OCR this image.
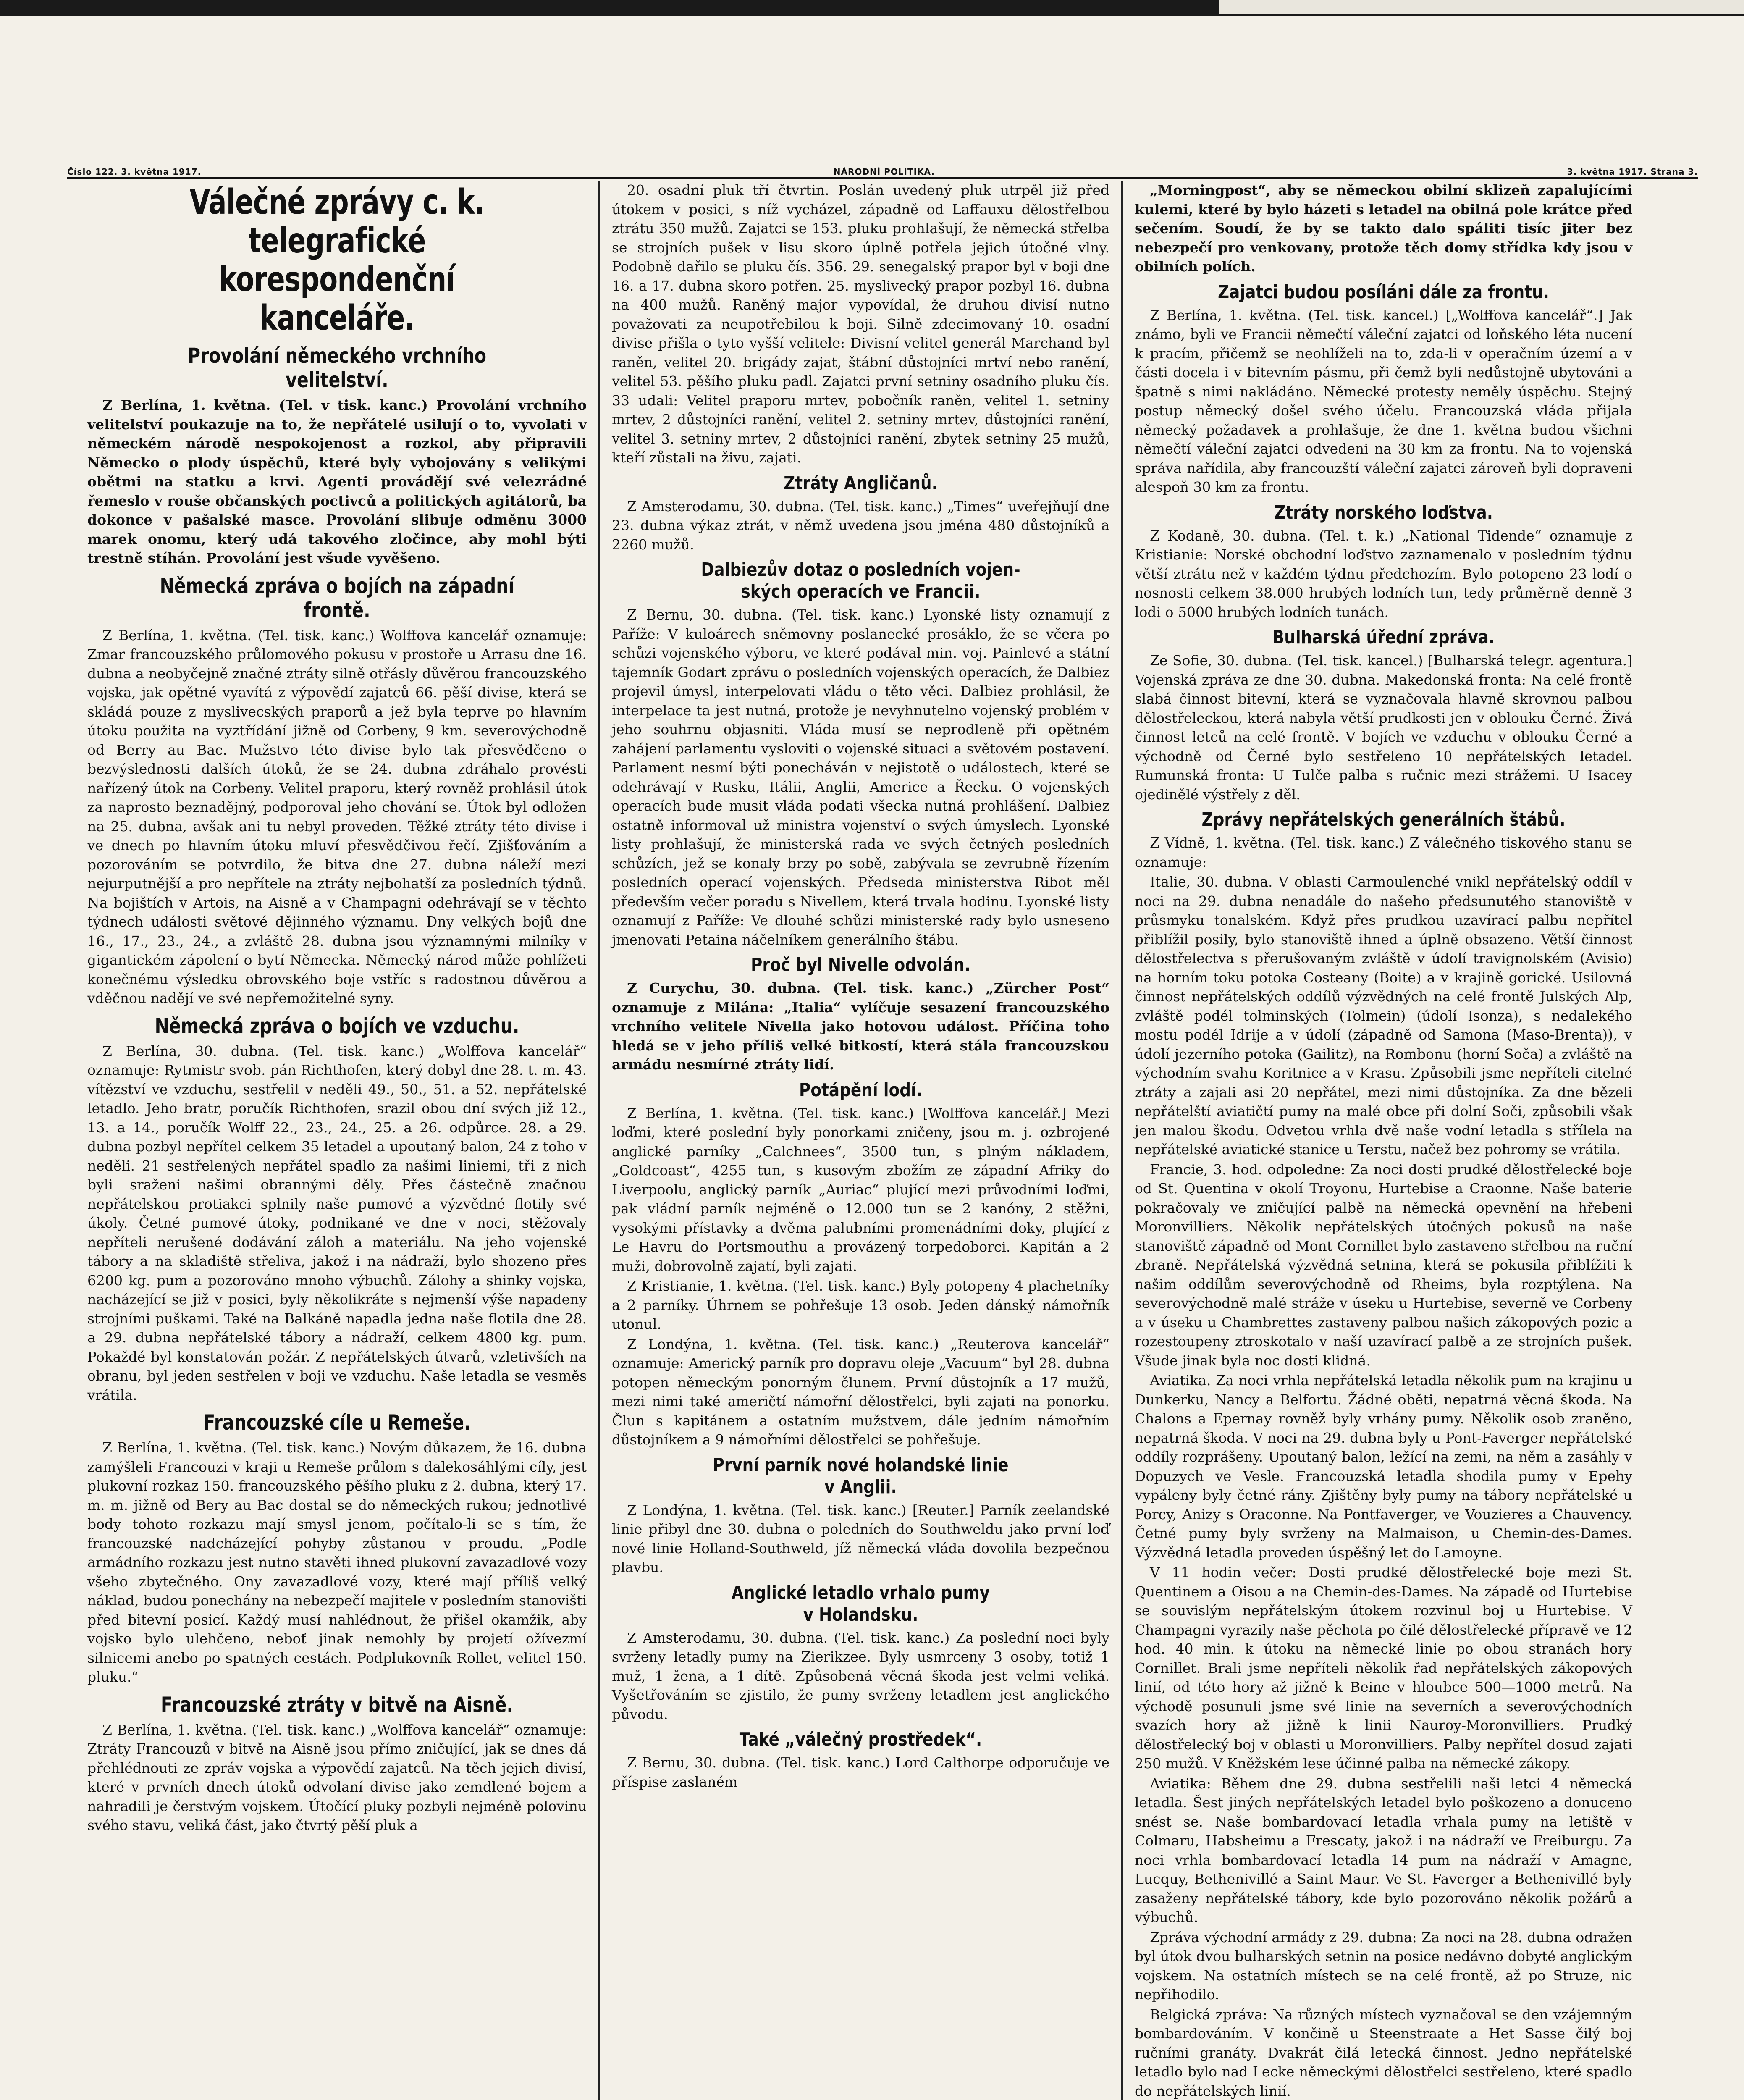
Číslo 122. 3. května 1917.	NÁRODNÍ POLITIKA.	3. května 1917. Strana 3.
Válečné zprávy c. k. telegrafické
korespondenční kanceláře.
Provolání německého vrchního
velitelství.

Z Berlína, 1. května. (Tel. v tisk. kanc.) Provolání vrchního velitelství poukazuje na to, že nepřátelé usilují o to, vyvolati v německém národě nespokojenost a rozkol, aby připravili Německo o plody úspěchů, které byly vybojovány s velikými obětmi na statku a krvi. Agenti provádějí své velezrádné řemeslo v rouše občanských poctivců a politických agitátorů, ba dokonce v pašalské masce. Provolání slibuje odměnu 3000 marek onomu, který udá takového zločince, aby mohl býti trestně stíhán. Provolání jest všude vyvěšeno.

Německá zpráva o bojích na západní
frontě.

Z Berlína, 1. května. (Tel. tisk. kanc.) Wolffova kancelář oznamuje: Zmar francouzského průlomového pokusu v prostoře u Arrasu dne 16. dubna a neobyčejně značné ztráty silně otřásly důvěrou francouzského vojska, jak opětné vyavítá z výpovědí zajatců 66. pěší divise, která se skládá pouze z myslivecských praporů a jež byla teprve po hlavním útoku použita na vyztřídání jižně od Corbeny, 9 km. severovýchodně od Berry au Bac. Mužstvo této divise bylo tak přesvědčeno o bezvýslednosti dalších útoků, že se 24. dubna zdráhalo provésti nařízený útok na Corbeny. Velitel praporu, který rovněž prohlásil útok za naprosto beznadějný, podporoval jeho chování se. Útok byl odložen na 25. dubna, avšak ani tu nebyl proveden. Těžké ztráty této divise i ve dnech po hlavním útoku mluví přesvědčivou řečí. Zjišťováním a pozorováním se potvrdilo, že bitva dne 27. dubna náleží mezi nejurputnější a pro nepřítele na ztráty nejbohatší za posledních týdnů. Na bojištích v Artois, na Aisně a v Champagni odehrávají se v těchto týdnech události světové dějinného významu. Dny velkých bojů dne 16., 17., 23., 24., a zvláště 28. dubna jsou významnými milníky v gigantickém zápolení o bytí Německa. Německý národ může pohlížeti konečnému výsledku obrovského boje vstříc s radostnou důvěrou a vděčnou nadějí ve své nepřemožitelné syny.

Německá zpráva o bojích ve vzduchu.

Z Berlína, 30. dubna. (Tel. tisk. kanc.) „Wolffova kancelář“ oznamuje: Rytmistr svob. pán Richthofen, který dobyl dne 28. t. m. 43. vítězství ve vzduchu, sestřelil v neděli 49., 50., 51. a 52. nepřátelské letadlo. Jeho bratr, poručík Richthofen, srazil obou dní svých již 12., 13. a 14., poručík Wolff 22., 23., 24., 25. a 26. odpůrce. 28. a 29. dubna pozbyl nepřítel celkem 35 letadel a upoutaný balon, 24 z toho v neděli. 21 sestřelených nepřátel spadlo za našimi liniemi, tři z nich byli sraženi našimi obrannými děly. Přes částečně značnou nepřátelskou protiakci splnily naše pumové a výzvědné flotily své úkoly. Četné pumové útoky, podnikané ve dne v noci, stěžovaly nepříteli nerušené dodávání záloh a materiálu. Na jeho vojenské tábory a na skladiště střeliva, jakož i na nádraží, bylo shozeno přes 6200 kg. pum a pozorováno mnoho výbuchů. Zálohy a shinky vojska, nacházející se již v posici, byly několikráte s nejmenší výše napadeny strojními puškami. Také na Balkáně napadla jedna naše flotila dne 28. a 29. dubna nepřátelské tábory a nádraží, celkem 4800 kg. pum. Pokaždé byl konstatován požár. Z nepřátelských útvarů, vzletivších na obranu, byl jeden sestřelen v boji ve vzduchu. Naše letadla se vesměs vrátila.

Francouzské cíle u Remeše.

Z Berlína, 1. května. (Tel. tisk. kanc.) Novým důkazem, že 16. dubna zamýšleli Francouzi v kraji u Remeše průlom s dalekosáhlými cíly, jest plukovní rozkaz 150. francouzského pěšího pluku z 2. dubna, který 17. m. m. jižně od Bery au Bac dostal se do německých rukou; jednotlivé body tohoto rozkazu mají smysl jenom, počítalo-li se s tím, že francouzské nadcházející pohyby zůstanou v proudu. „Podle armádního rozkazu jest nutno stavěti ihned plukovní zavazadlové vozy všeho zbytečného. Ony zavazadlové vozy, které mají příliš velký náklad, budou ponechány na nebezpečí majitele v posledním stanovišti před bitevní posicí. Každý musí nahlédnout, že přišel okamžik, aby vojsko bylo ulehčeno, neboť jinak nemohly by projetí ožívezmí silnicemi anebo po spatných cestách. Podplukovník Rollet, velitel 150. pluku.“

Francouzské ztráty v bitvě na Aisně.

Z Berlína, 1. května. (Tel. tisk. kanc.) „Wolffova kancelář“ oznamuje: Ztráty Francouzů v bitvě na Aisně jsou přímo zničující, jak se dnes dá přehlédnouti ze zpráv vojska a výpovědí zajatců. Na těch jejich divisí, které v prvních dnech útoků odvolaní divise jako zemdlené bojem a nahradili je čerstvým vojskem. Útočící pluky pozbyli nejméně polovinu svého stavu, veliká část, jako čtvrtý pěší pluk a

20. osadní pluk tří čtvrtin. Poslán uvedený pluk utrpěl již před útokem v posici, s níž vycházel, západně od Laffauxu dělostřelbou ztrátu 350 mužů. Zajatci se 153. pluku prohlašují, že německá střelba se strojních pušek v lisu skoro úplně potřela jejich útočné vlny. Podobně dařilo se pluku čís. 356. 29. senegalský prapor byl v boji dne 16. a 17. dubna skoro potřen. 25. myslivecký prapor pozbyl 16. dubna na 400 mužů. Raněný major vypovídal, že druhou divisí nutno považovati za neupotřebilou k boji. Silně zdecimovaný 10. osadní divise přišla o tyto vyšší velitele: Divisní velitel generál Marchand byl raněn, velitel 20. brigády zajat, štábní důstojníci mrtví nebo ranění, velitel 53. pěšího pluku padl. Zajatci první setniny osadního pluku čís. 33 udali: Velitel praporu mrtev, pobočník raněn, velitel 1. setniny mrtev, 2 důstojníci ranění, velitel 2. setniny mrtev, důstojníci ranění, velitel 3. setniny mrtev, 2 důstojníci ranění, zbytek setniny 25 mužů, kteří zůstali na živu, zajati.

Ztráty Angličanů.

Z Amsterodamu, 30. dubna. (Tel. tisk. kanc.) „Times“ uveřejňují dne 23. dubna výkaz ztrát, v němž uvedena jsou jména 480 důstojníků a 2260 mužů.

Dalbiezův dotaz o posledních vojen-
ských operacích ve Francii.

Z Bernu, 30. dubna. (Tel. tisk. kanc.) Lyonské listy oznamují z Paříže: V kuloárech sněmovny poslanecké prosáklo, že se včera po schůzi vojenského výboru, ve které podával min. voj. Painlevé a státní tajemník Godart zprávu o posledních vojenských operacích, že Dalbiez projevil úmysl, interpelovati vládu o těto věci. Dalbiez prohlásil, že interpelace ta jest nutná, protože je nevyhnutelno vojenský problém v jeho souhrnu objasniti. Vláda musí se neprodleně při opětném zahájení parlamentu vysloviti o vojenské situaci a světovém postavení. Parlament nesmí býti ponecháván v nejistotě o událostech, které se odehrávají v Rusku, Itálii, Anglii, Americe a Řecku. O vojenských operacích bude musit vláda podati všecka nutná prohlášení. Dalbiez ostatně informoval už ministra vojenství o svých úmyslech. Lyonské listy prohlašují, že ministerská rada ve svých četných posledních schůzích, jež se konaly brzy po sobě, zabývala se zevrubně řízením posledních operací vojenských. Předseda ministerstva Ribot měl především večer poradu s Nivellem, která trvala hodinu. Lyonské listy oznamují z Paříže: Ve dlouhé schůzi ministerské rady bylo usneseno jmenovati Petaina náčelníkem generálního štábu.

Proč byl Nivelle odvolán.

Z Curychu, 30. dubna. (Tel. tisk. kanc.) „Zürcher Post“ oznamuje z Milána: „Italia“ vylíčuje sesazení francouzského vrchního velitele Nivella jako hotovou událost. Příčina toho hledá se v jeho příliš velké bitkostí, která stála francouzskou armádu nesmírné ztráty lidí.

Potápění lodí.

Z Berlína, 1. května. (Tel. tisk. kanc.) [Wolffova kancelář.] Mezi loďmi, které poslední byly ponorkami zničeny, jsou m. j. ozbrojené anglické parníky „Calchnees“, 3500 tun, s plným nákladem, „Goldcoast“, 4255 tun, s kusovým zbožím ze západní Afriky do Liverpoolu, anglický parník „Auriac“ plující mezi průvodními loďmi, pak vládní parník nejméně o 12.000 tun se 2 kanóny, 2 stěžni, vysokými přístavky a dvěma palubními promenádními doky, plující z Le Havru do Portsmouthu a provázený torpedoborci. Kapitán a 2 muži, dobrovolně zajatí, byli zajati.

Z Kristianie, 1. května. (Tel. tisk. kanc.) Byly potopeny 4 plachetníky a 2 parníky. Úhrnem se pohřešuje 13 osob. Jeden dánský námořník utonul.

Z Londýna, 1. května. (Tel. tisk. kanc.) „Reuterova kancelář“ oznamuje: Americký parník pro dopravu oleje „Vacuum“ byl 28. dubna potopen německým ponorným člunem. První důstojník a 17 mužů, mezi nimi také američtí námořní dělostřelci, byli zajati na ponorku. Člun s kapitánem a ostatním mužstvem, dále jedním námořním důstojníkem a 9 námořními dělostřelci se pohřešuje.

První parník nové holandské linie
v Anglii.

Z Londýna, 1. května. (Tel. tisk. kanc.) [Reuter.] Parník zeelandské linie přibyl dne 30. dubna o poledních do Southweldu jako první loď nové linie Holland-Southweld, jíž německá vláda dovolila bezpečnou plavbu.

Anglické letadlo vrhalo pumy
v Holandsku.

Z Amsterodamu, 30. dubna. (Tel. tisk. kanc.) Za poslední noci byly svrženy letadly pumy na Zierikzee. Byly usmrceny 3 osoby, totiž 1 muž, 1 žena, a 1 dítě. Způsobená věcná škoda jest velmi veliká. Vyšetřováním se zjistilo, že pumy svrženy letadlem jest anglického původu.

Také „válečný prostředek“.

Z Bernu, 30. dubna. (Tel. tisk. kanc.) Lord Calthorpe odporučuje ve příspise zaslaném

„Morningpost“, aby se německou obilní sklizeň zapalujícími kulemi, které by bylo házeti s letadel na obilná pole krátce před sečením. Soudí, že by se takto dalo spáliti tisíc jiter bez nebezpečí pro venkovany, protože těch domy střídka kdy jsou v obilních polích.

Zajatci budou posíláni dále za frontu.

Z Berlína, 1. května. (Tel. tisk. kancel.) [„Wolffova kancelář“.] Jak známo, byli ve Francii němečtí váleční zajatci od loňského léta nucení k pracím, přičemž se neohlíželi na to, zda-li v operačním území a v části docela i v bitevním pásmu, při čemž byli nedůstojně ubytováni a špatně s nimi nakládáno. Německé protesty neměly úspěchu. Stejný postup německý došel svého účelu. Francouzská vláda přijala německý požadavek a prohlašuje, že dne 1. května budou všichni němečtí váleční zajatci odvedeni na 30 km za frontu. Na to vojenská správa nařídila, aby francouzští váleční zajatci zároveň byli dopraveni alespoň 30 km za frontu.

Ztráty norského loďstva.

Z Kodaně, 30. dubna. (Tel. t. k.) „National Tidende“ oznamuje z Kristianie: Norské obchodní loďstvo zaznamenalo v posledním týdnu větší ztrátu než v každém týdnu předchozím. Bylo potopeno 23 lodí o nosnosti celkem 38.000 hrubých lodních tun, tedy průměrně denně 3 lodi o 5000 hrubých lodních tunách.

Bulharská úřední zpráva.

Ze Sofie, 30. dubna. (Tel. tisk. kancel.) [Bulharská telegr. agentura.] Vojenská zpráva ze dne 30. dubna. Makedonská fronta: Na celé frontě slabá činnost bitevní, která se vyznačovala hlavně skrovnou palbou dělostřeleckou, která nabyla větší prudkosti jen v oblouku Černé. Živá činnost letců na celé frontě. V bojích ve vzduchu v oblouku Černé a východně od Černé bylo sestřeleno 10 nepřátelských letadel. Rumunská fronta: U Tulče palba s ručnic mezi strážemi. U Isacey ojedinělé výstřely z děl.

Zprávy nepřátelských generálních štábů.

Z Vídně, 1. května. (Tel. tisk. kanc.) Z válečného tiskového stanu se oznamuje:

Italie, 30. dubna. V oblasti Carmoulenché vnikl nepřátelský oddíl v noci na 29. dubna nenadále do našeho předsunutého stanoviště v průsmyku tonalském. Když přes prudkou uzavírací palbu nepřítel přiblížil posily, bylo stanoviště ihned a úplně obsazeno. Větší činnost dělostřelectva s přerušovaným zvláště v údolí travignolském (Avisio) na horním toku potoka Costeany (Boite) a v krajině gorické. Usilovná činnost nepřátelských oddílů výzvědných na celé frontě Julských Alp, zvláště podél tolminských (Tolmein) (údolí Isonza), s nedalekého mostu podél Idrije a v údolí (západně od Samona (Maso-Brenta)), v údolí jezerního potoka (Gailitz), na Rombonu (horní Soča) a zvláště na východním svahu Koritnice a v Krasu. Způsobili jsme nepříteli citelné ztráty a zajali asi 20 nepřátel, mezi nimi důstojníka. Za dne bězeli nepřátelští aviatičtí pumy na malé obce při dolní Soči, způsobili však jen malou škodu. Odvetou vrhla dvě naše vodní letadla s střílela na nepřátelské aviatické stanice u Terstu, načež bez pohromy se vrátila.

Francie, 3. hod. odpoledne: Za noci dosti prudké dělostřelecké boje od St. Quentina v okolí Troyonu, Hurtebise a Craonne. Naše baterie pokračovaly ve zničující palbě na německá opevnění na hřebeni Moronvilliers. Několik nepřátelských útočných pokusů na naše stanoviště západně od Mont Cornillet bylo zastaveno střelbou na ruční zbraně. Nepřátelská výzvědná setnina, která se pokusila přiblížiti k našim oddílům severovýchodně od Rheims, byla rozptýlena. Na severovýchodně malé stráže v úseku u Hurtebise, severně ve Corbeny a v úseku u Chambrettes zastaveny palbou našich zákopových pozic a rozestoupeny ztroskotalo v naší uzavírací palbě a ze strojních pušek. Všude jinak byla noc dosti klidná.

Aviatika. Za noci vrhla nepřátelská letadla několik pum na krajinu u Dunkerku, Nancy a Belfortu. Žádné oběti, nepatrná věcná škoda. Na Chalons a Epernay rovněž byly vrhány pumy. Několik osob zraněno, nepatrná škoda. V noci na 29. dubna byly u Pont-Faverger nepřátelské oddíly rozprášeny. Upoutaný balon, ležící na zemi, na něm a zasáhly v Dopuzych ve Vesle. Francouzská letadla shodila pumy v Epehy vypáleny byly četné rány. Zjištěny byly pumy na tábory nepřátelské u Porcy, Anizy s Oraconne. Na Pontfaverger, ve Vouzieres a Chauvency. Četné pumy byly svrženy na Malmaison, u Chemin-des-Dames. Výzvědná letadla proveden úspěšný let do Lamoyne.

V 11 hodin večer: Dosti prudké dělostřelecké boje mezi St. Quentinem a Oisou a na Chemin-des-Dames. Na západě od Hurtebise se souvislým nepřátelským útokem rozvinul boj u Hurtebise. V Champagni vyrazily naše pěchota po čilé dělostřelecké přípravě ve 12 hod. 40 min. k útoku na německé linie po obou stranách hory Cornillet. Brali jsme nepříteli několik řad nepřátelských zákopových linií, od této hory až jižně k Beine v hloubce 500—1000 metrů. Na východě posunuli jsme své linie na severních a severovýchodních svazích hory až jižně k linii Nauroy-Moronvilliers. Prudký dělostřelecký boj v oblasti u Moronvilliers. Palby nepřítel dosud zajati 250 mužů. V Kněžském lese účinné palba na německé zákopy.

Aviatika: Během dne 29. dubna sestřelili naši letci 4 německá letadla. Šest jiných nepřátelských letadel bylo poškozeno a donuceno snést se. Naše bombardovací letadla vrhala pumy na letiště v Colmaru, Habsheimu a Frescaty, jakož i na nádraží ve Freiburgu. Za noci vrhla bombardovací letadla 14 pum na nádraží v Amagne, Lucquy, Bethenivillé a Saint Maur. Ve St. Faverger a Bethenivillé byly zasaženy nepřátelské tábory, kde bylo pozorováno několik požárů a výbuchů.

Zpráva východní armády z 29. dubna: Za noci na 28. dubna odražen byl útok dvou bulharských setnin na posice nedávno dobyté anglickým vojskem. Na ostatních místech se na celé frontě, až po Struze, nic nepřihodilo.

Belgická zpráva: Na různých místech vyznačoval se den vzájemným bombardováním. V končině u Steenstraate a Het Sasse čilý boj ručními granáty. Dvakrát čilá letecká činnost. Jedno nepřátelské letadlo bylo nad Lecke německými dělostřelci sestřeleno, které spadlo do nepřátelských linií.
